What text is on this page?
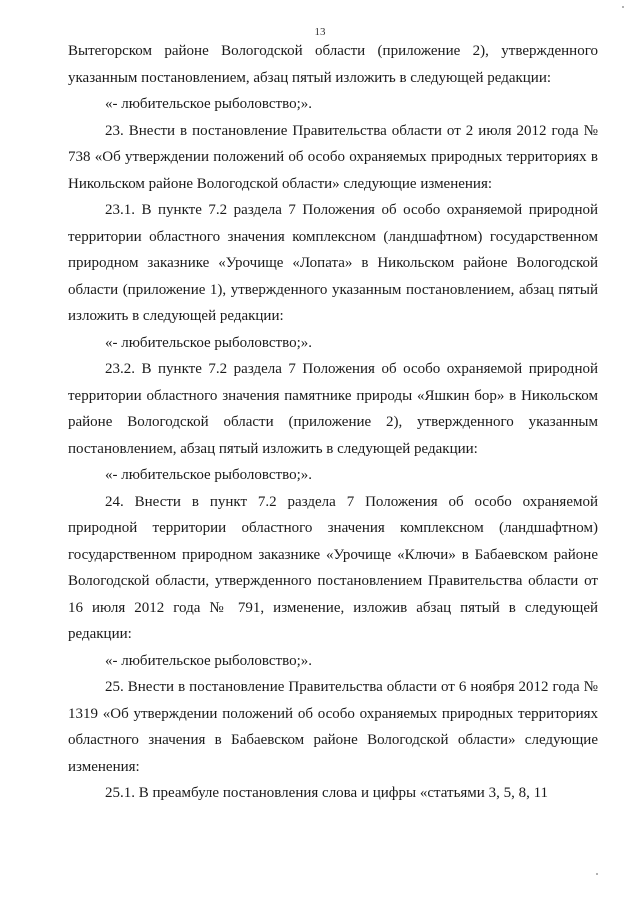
13

Вытегорском районе Вологодской области (приложение 2), утвержденного указанным постановлением, абзац пятый изложить в следующей редакции:

«- любительское рыболовство;».

23. Внести в постановление Правительства области от 2 июля 2012 года № 738 «Об утверждении положений об особо охраняемых природных территориях в Никольском районе Вологодской области» следующие изменения:

23.1. В пункте 7.2 раздела 7 Положения об особо охраняемой природной территории областного значения комплексном (ландшафтном) государственном природном заказнике «Урочище «Лопата» в Никольском районе Вологодской области (приложение 1), утвержденного указанным постановлением, абзац пятый изложить в следующей редакции:

«- любительское рыболовство;».

23.2. В пункте 7.2 раздела 7 Положения об особо охраняемой природной территории областного значения памятнике природы «Яшкин бор» в Никольском районе Вологодской области (приложение 2), утвержденного указанным постановлением, абзац пятый изложить в следующей редакции:

«- любительское рыболовство;».

24. Внести в пункт 7.2 раздела 7 Положения об особо охраняемой природной территории областного значения комплексном (ландшафтном) государственном природном заказнике «Урочище «Ключи» в Бабаевском районе Вологодской области, утвержденного постановлением Правительства области от 16 июля 2012 года № 791, изменение, изложив абзац пятый в следующей редакции:

«- любительское рыболовство;».

25. Внести в постановление Правительства области от 6 ноября 2012 года № 1319 «Об утверждении положений об особо охраняемых природных территориях областного значения в Бабаевском районе Вологодской области» следующие изменения:

25.1. В преамбуле постановления слова и цифры «статьями 3, 5, 8, 11
